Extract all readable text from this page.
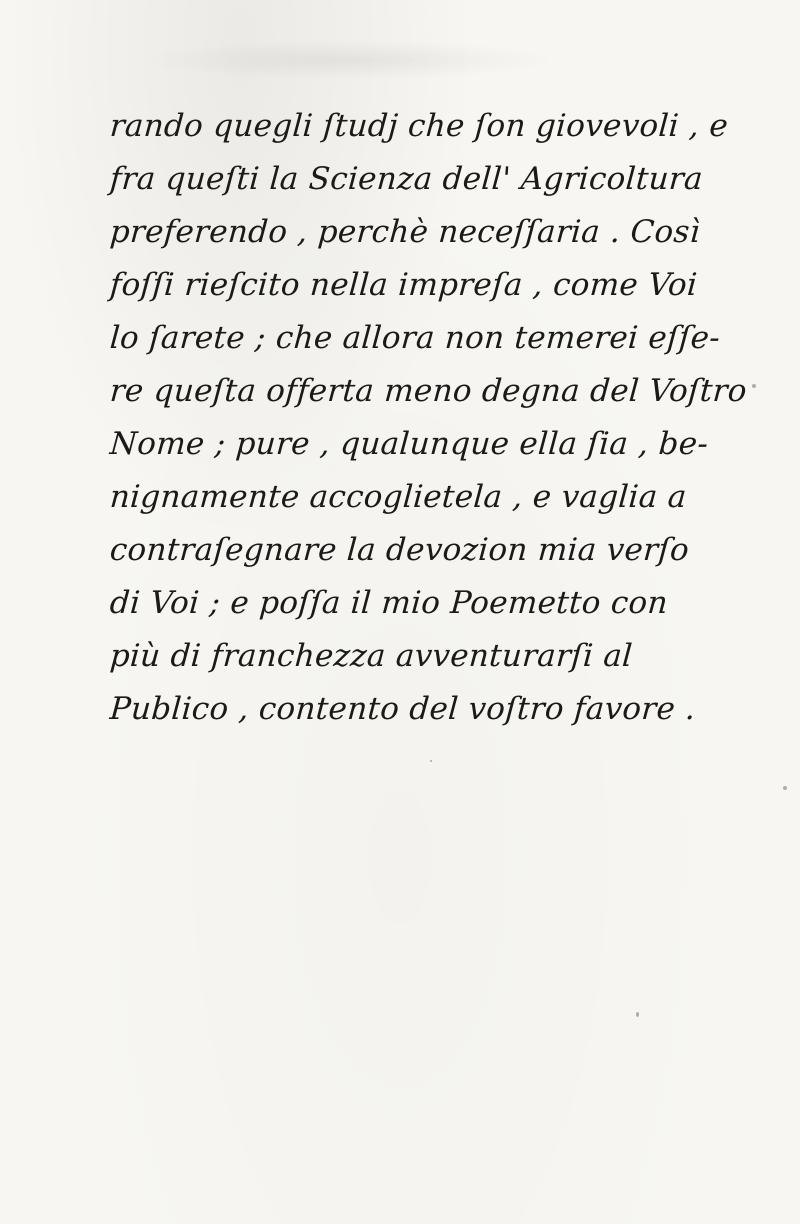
rando quegli ſtudj che ſon giovevoli , e
fra queſti la Scienza dell' Agricoltura
preferendo , perchè neceſſaria . Così
foſſi rieſcito nella impreſa , come Voi
lo ſarete ; che allora non temerei eſſe-
re queſta offerta meno degna del Voſtro
Nome ; pure , qualunque ella ſia , be-
nignamente accoglietela , e vaglia a
contraſegnare la devozion mia verſo
di Voi ; e poſſa il mio Poemetto con
più di franchezza avventurarſi al
Publico , contento del voſtro favore .
